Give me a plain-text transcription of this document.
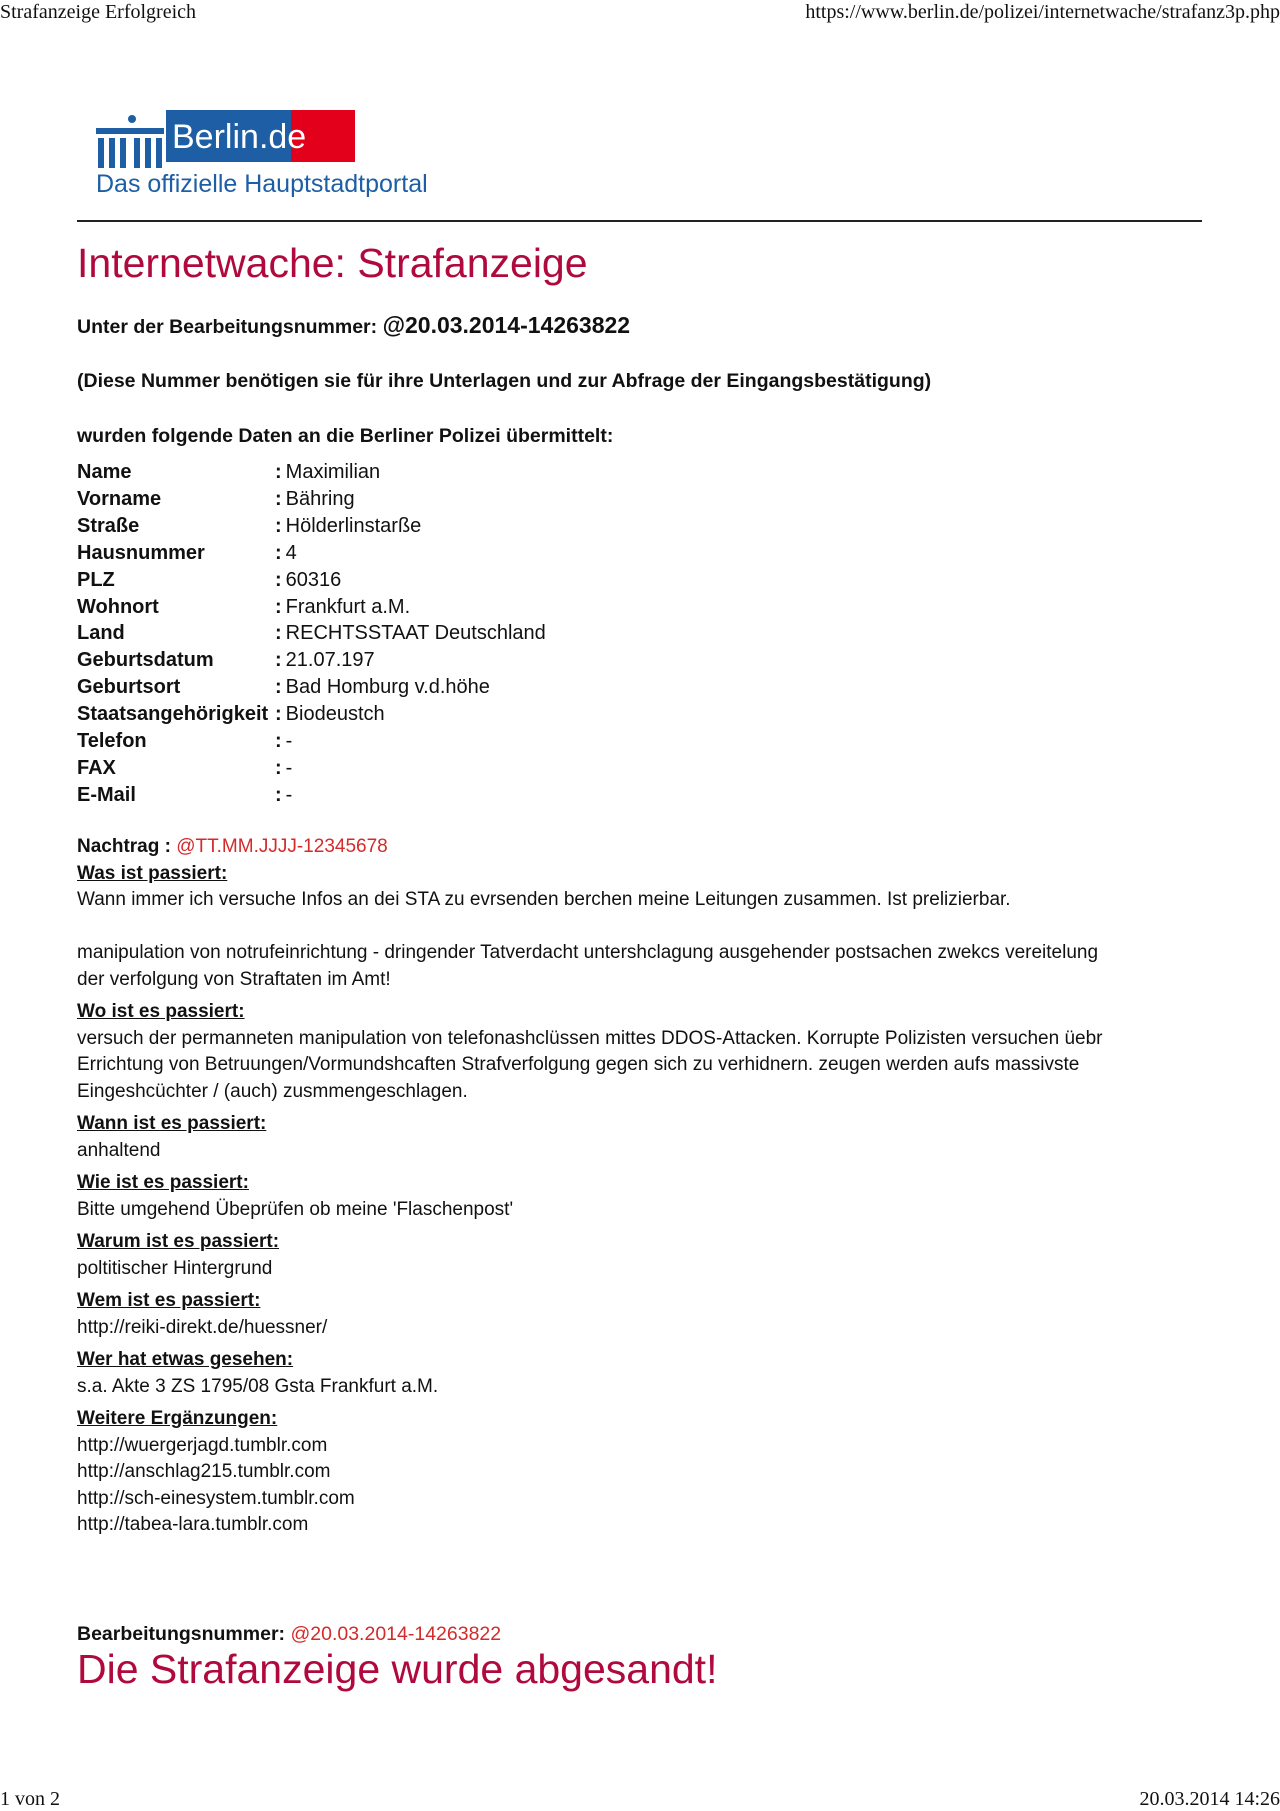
Strafanzeige Erfolgreich	https://www.berlin.de/polizei/internetwache/strafanz3p.php
1 von 2	20.03.2014 14:26
Berlin.de
Das offizielle Hauptstadtportal
Internetwache: Strafanzeige
Unter der Bearbeitungsnummer: @20.03.2014-14263822
(Diese Nummer benötigen sie für ihre Unterlagen und zur Abfrage der Eingangsbestätigung)
wurden folgende Daten an die Berliner Polizei übermittelt:
Name	: Maximilian
Vorname	: Bähring
Straße	: Hölderlinstarße
Hausnummer	: 4
PLZ	: 60316
Wohnort	: Frankfurt a.M.
Land	: RECHTSSTAAT Deutschland
Geburtsdatum	: 21.07.197
Geburtsort	: Bad Homburg v.d.höhe
Staatsangehörigkeit	: Biodeustch
Telefon	: -
FAX	: -
E-Mail	: -
Nachtrag : @TT.MM.JJJJ-12345678
Was ist passiert:
Wann immer ich versuche Infos an dei STA zu evrsenden berchen meine Leitungen zusammen. Ist prelizierbar.
manipulation von notrufeinrichtung - dringender Tatverdacht untershclagung ausgehender postsachen zwekcs vereitelung der verfolgung von Straftaten im Amt!
Wo ist es passiert:
versuch der permanneten manipulation von telefonashclüssen mittes DDOS-Attacken. Korrupte Polizisten versuchen üebr Errichtung von Betruungen/Vormundshcaften Strafverfolgung gegen sich zu verhidnern. zeugen werden aufs massivste Eingeshcüchter / (auch) zusmmengeschlagen.
Wann ist es passiert:
anhaltend
Wie ist es passiert:
Bitte umgehend Übeprüfen ob meine 'Flaschenpost'
Warum ist es passiert:
poltitischer Hintergrund
Wem ist es passiert:
http://reiki-direkt.de/huessner/
Wer hat etwas gesehen:
s.a. Akte 3 ZS 1795/08 Gsta Frankfurt a.M.
Weitere Ergänzungen:
http://wuergerjagd.tumblr.com
http://anschlag215.tumblr.com
http://sch-einesystem.tumblr.com
http://tabea-lara.tumblr.com
Bearbeitungsnummer: @20.03.2014-14263822
Die Strafanzeige wurde abgesandt!
